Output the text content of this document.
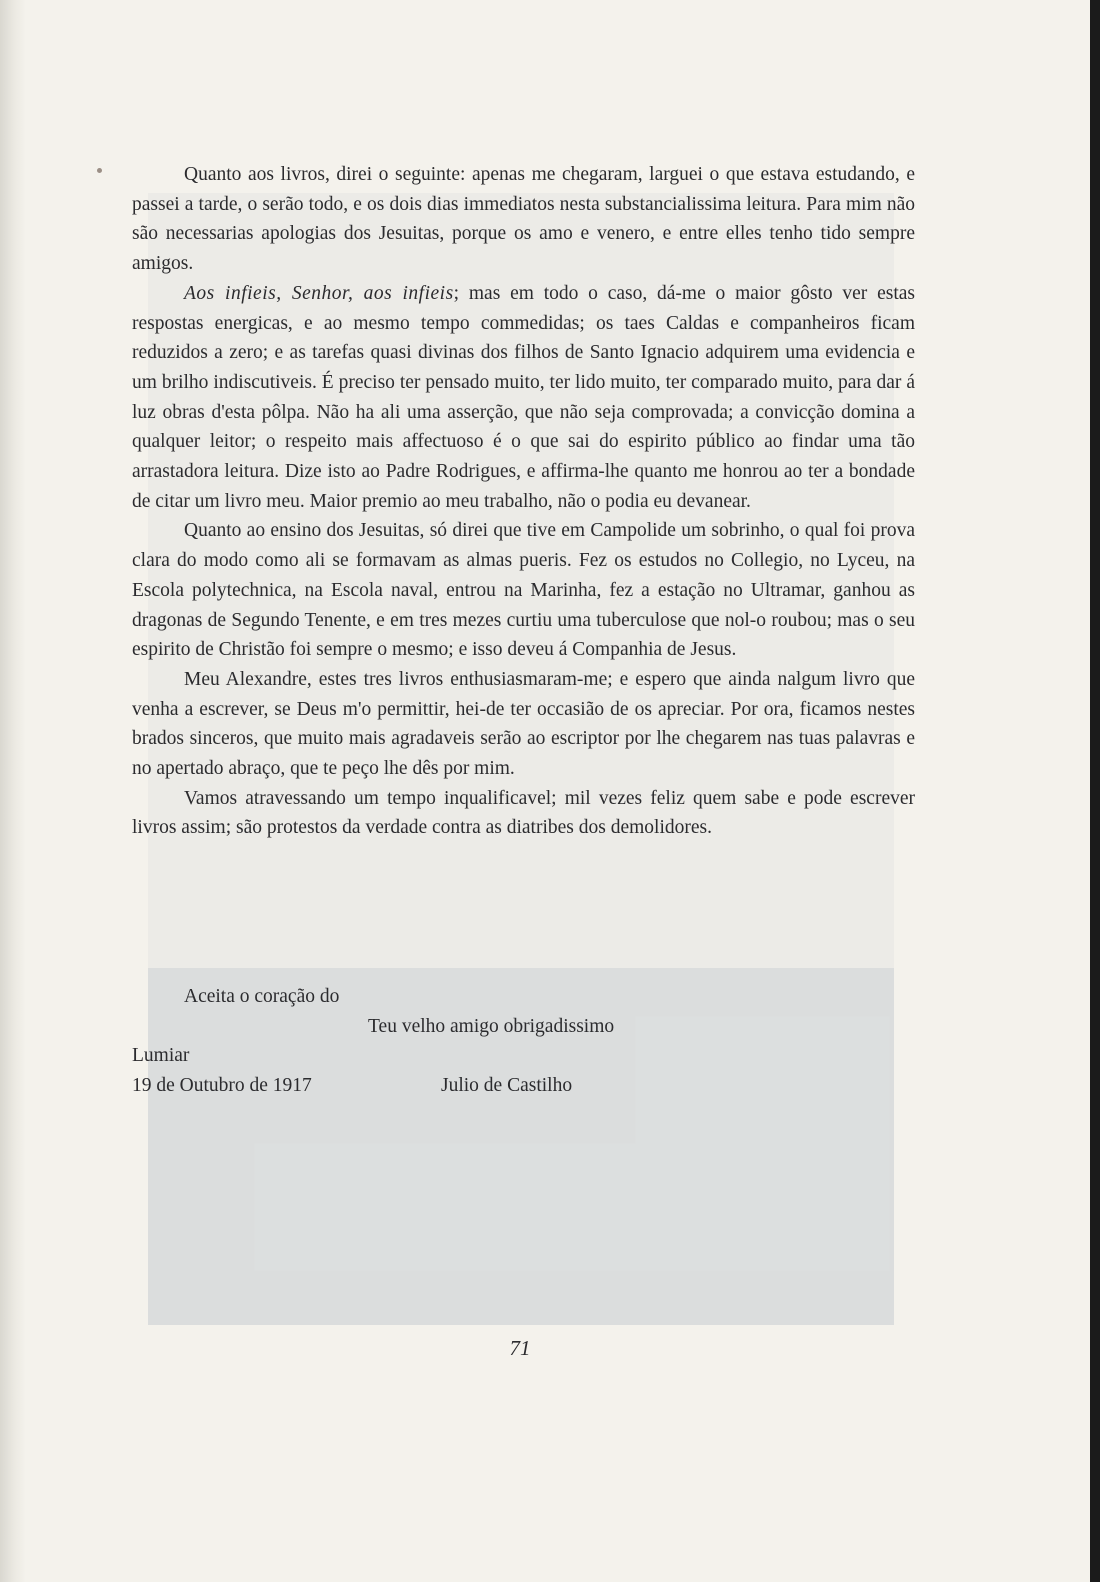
Quanto aos livros, direi o seguinte: apenas me chegaram, larguei o que estava estudando, e passei a tarde, o serão todo, e os dois dias immediatos nesta substancialissima leitura. Para mim não são necessarias apologias dos Jesuitas, porque os amo e venero, e entre elles tenho tido sempre amigos.

Aos infieis, Senhor, aos infieis; mas em todo o caso, dá-me o maior gôsto ver estas respostas energicas, e ao mesmo tempo commedidas; os taes Caldas e companheiros ficam reduzidos a zero; e as tarefas quasi divinas dos filhos de Santo Ignacio adquirem uma evidencia e um brilho indiscutiveis. É preciso ter pensado muito, ter lido muito, ter comparado muito, para dar á luz obras d'esta pôlpa. Não ha ali uma asserção, que não seja comprovada; a convicção domina a qualquer leitor; o respeito mais affectuoso é o que sai do espirito público ao findar uma tão arrastadora leitura. Dize isto ao Padre Rodrigues, e affirma-lhe quanto me honrou ao ter a bondade de citar um livro meu. Maior premio ao meu trabalho, não o podia eu devanear.

Quanto ao ensino dos Jesuitas, só direi que tive em Campolide um sobrinho, o qual foi prova clara do modo como ali se formavam as almas pueris. Fez os estudos no Collegio, no Lyceu, na Escola polytechnica, na Escola naval, entrou na Marinha, fez a estação no Ultramar, ganhou as dragonas de Segundo Tenente, e em tres mezes curtiu uma tuberculose que nol-o roubou; mas o seu espirito de Christão foi sempre o mesmo; e isso deveu á Companhia de Jesus.

Meu Alexandre, estes tres livros enthusiasmaram-me; e espero que ainda nalgum livro que venha a escrever, se Deus m'o permittir, hei-de ter occasião de os apreciar. Por ora, ficamos nestes brados sinceros, que muito mais agradaveis serão ao escriptor por lhe chegarem nas tuas palavras e no apertado abraço, que te peço lhe dês por mim.

Vamos atravessando um tempo inqualificavel; mil vezes feliz quem sabe e pode escrever livros assim; são protestos da verdade contra as diatribes dos demolidores.

Aceita o coração do
Teu velho amigo obrigadissimo
Lumiar
19 de Outubro de 1917	Julio de Castilho
71
